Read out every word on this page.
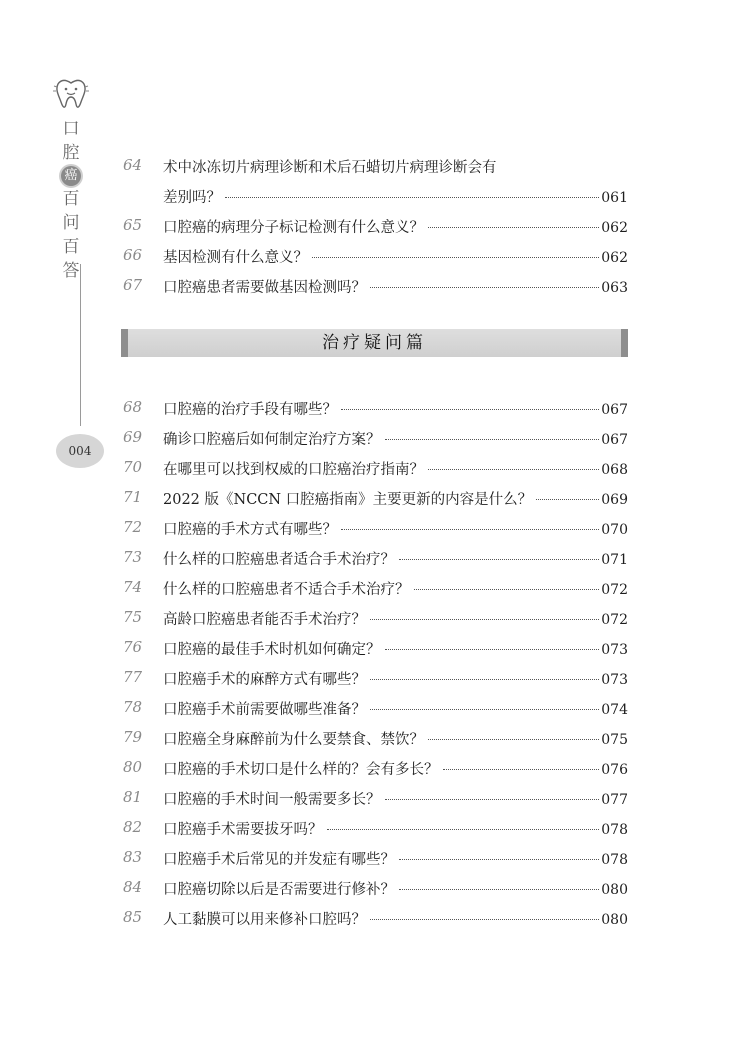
口
腔
癌
百
问
百
答
004
64	术中冰冻切片病理诊断和术后石蜡切片病理诊断会有
差别吗？	061
65	口腔癌的病理分子标记检测有什么意义？	062
66	基因检测有什么意义？	062
67	口腔癌患者需要做基因检测吗？	063
治疗疑问篇
68	口腔癌的治疗手段有哪些？	067
69	确诊口腔癌后如何制定治疗方案？	067
70	在哪里可以找到权威的口腔癌治疗指南？	068
71	2022 版《NCCN 口腔癌指南》主要更新的内容是什么？	069
72	口腔癌的手术方式有哪些？	070
73	什么样的口腔癌患者适合手术治疗？	071
74	什么样的口腔癌患者不适合手术治疗？	072
75	高龄口腔癌患者能否手术治疗？	072
76	口腔癌的最佳手术时机如何确定？	073
77	口腔癌手术的麻醉方式有哪些？	073
78	口腔癌手术前需要做哪些准备？	074
79	口腔癌全身麻醉前为什么要禁食、禁饮？	075
80	口腔癌的手术切口是什么样的？会有多长？	076
81	口腔癌的手术时间一般需要多长？	077
82	口腔癌手术需要拔牙吗？	078
83	口腔癌手术后常见的并发症有哪些？	078
84	口腔癌切除以后是否需要进行修补？	080
85	人工黏膜可以用来修补口腔吗？	080
